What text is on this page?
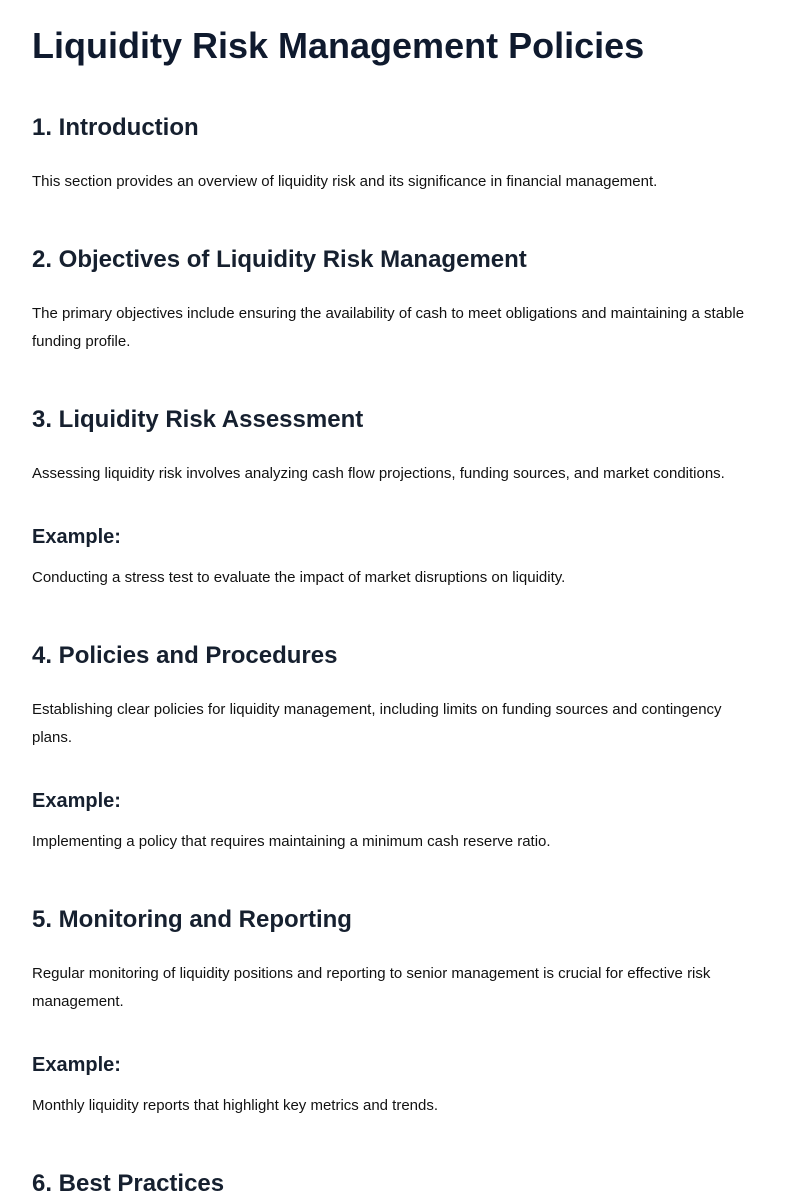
Liquidity Risk Management Policies
1. Introduction

This section provides an overview of liquidity risk and its significance in financial management.

2. Objectives of Liquidity Risk Management

The primary objectives include ensuring the availability of cash to meet obligations and maintaining a stable funding profile.

3. Liquidity Risk Assessment

Assessing liquidity risk involves analyzing cash flow projections, funding sources, and market conditions.

Example:

Conducting a stress test to evaluate the impact of market disruptions on liquidity.

4. Policies and Procedures

Establishing clear policies for liquidity management, including limits on funding sources and contingency plans.

Example:

Implementing a policy that requires maintaining a minimum cash reserve ratio.

5. Monitoring and Reporting

Regular monitoring of liquidity positions and reporting to senior management is crucial for effective risk management.

Example:

Monthly liquidity reports that highlight key metrics and trends.

6. Best Practices
